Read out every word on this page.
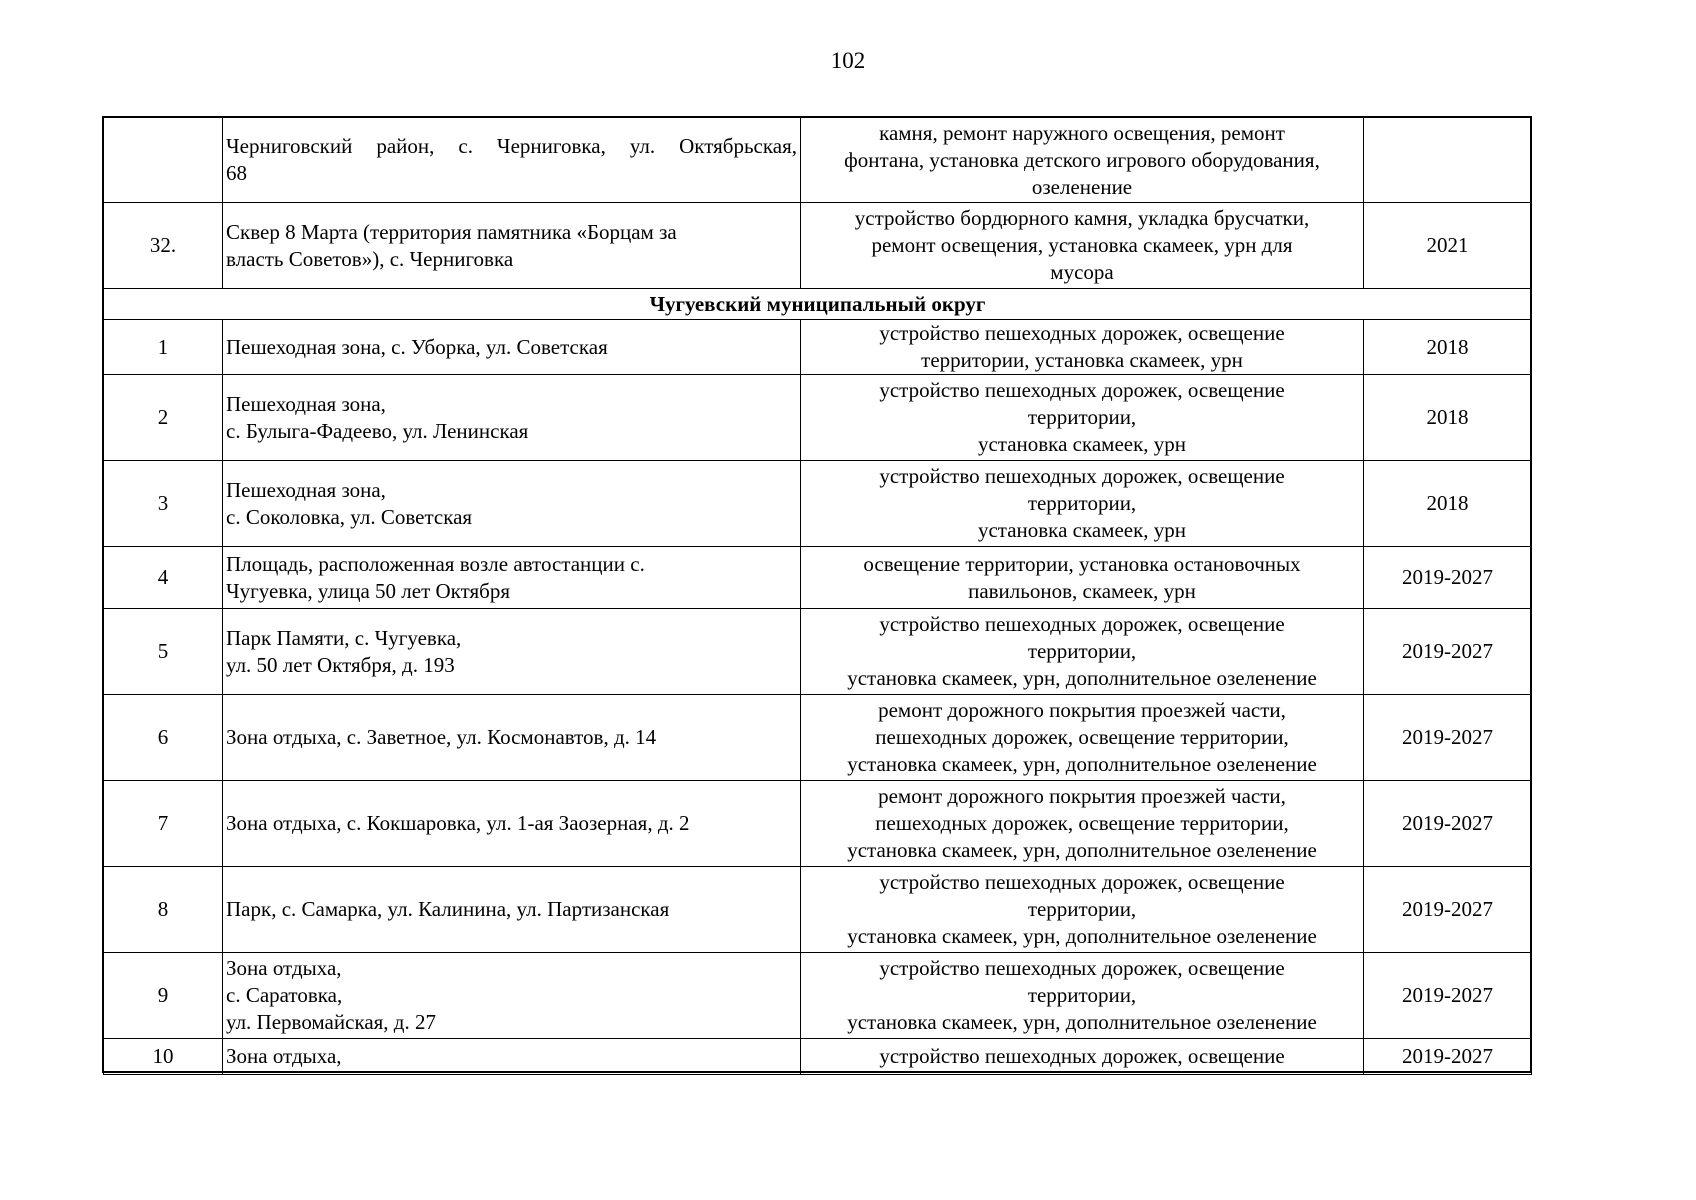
102

	Черниговский район, с. Черниговка, ул. Октябрьская,
68	камня, ремонт наружного освещения, ремонт
фонтана, установка детского игрового оборудования,
озеленение	

32.	Сквер 8 Марта (территория памятника «Борцам за
власть Советов»), с. Черниговка	устройство бордюрного камня, укладка брусчатки,
ремонт освещения, установка скамеек, урн для
мусора	2021
Чугуевский муниципальный округ			
1	Пешеходная зона, с. Уборка, ул. Советская	устройство пешеходных дорожек, освещение
территории, установка скамеек, урн	2018
2	Пешеходная зона,
с. Булыга-Фадеево, ул. Ленинская	устройство пешеходных дорожек, освещение
территории,
установка скамеек, урн	2018
3	Пешеходная зона,
с. Соколовка, ул. Советская	устройство пешеходных дорожек, освещение
территории,
установка скамеек, урн	2018
4	Площадь, расположенная возле автостанции с.
Чугуевка, улица 50 лет Октября	освещение территории, установка остановочных
павильонов, скамеек, урн	2019-2027
5	Парк Памяти, с. Чугуевка,
ул. 50 лет Октября, д. 193	устройство пешеходных дорожек, освещение
территории,
установка скамеек, урн, дополнительное озеленение	2019-2027
6	Зона отдыха, с. Заветное, ул. Космонавтов, д. 14	ремонт дорожного покрытия проезжей части,
пешеходных дорожек, освещение территории,
установка скамеек, урн, дополнительное озеленение	2019-2027
7	Зона отдыха, с. Кокшаровка, ул. 1-ая Заозерная, д. 2	ремонт дорожного покрытия проезжей части,
пешеходных дорожек, освещение территории,
установка скамеек, урн, дополнительное озеленение	2019-2027
8	Парк, с. Самарка, ул. Калинина, ул. Партизанская	устройство пешеходных дорожек, освещение
территории,
установка скамеек, урн, дополнительное озеленение	2019-2027
9	Зона отдыха,
с. Саратовка,
ул. Первомайская, д. 27	устройство пешеходных дорожек, освещение
территории,
установка скамеек, урн, дополнительное озеленение	2019-2027
10	Зона отдыха,	устройство пешеходных дорожек, освещение	2019-2027
